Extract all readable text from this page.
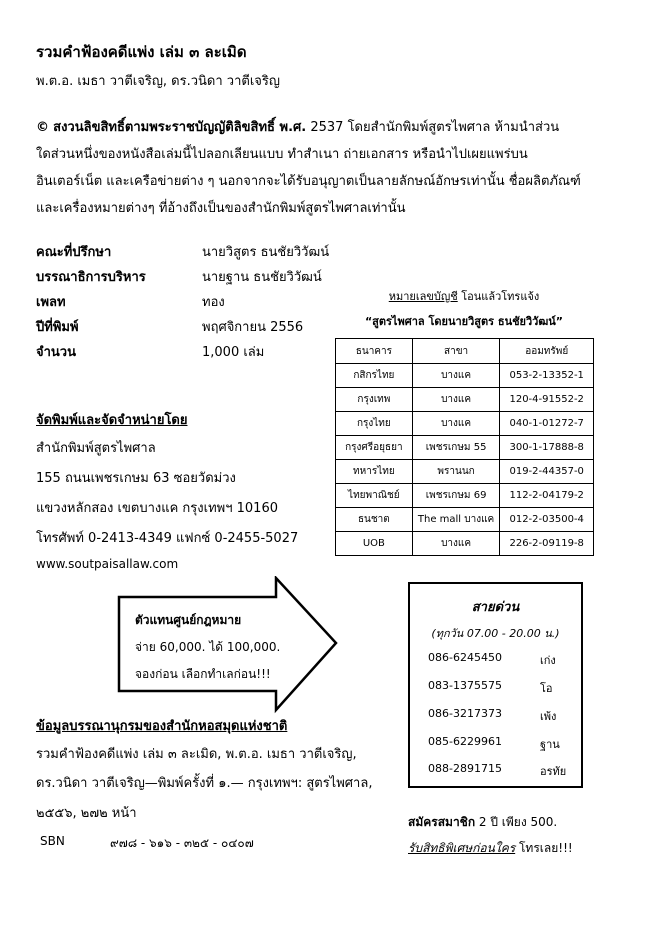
รวมคำฟ้องคดีแพ่ง เล่ม ๓ ละเมิด
พ.ต.อ. เมธา วาตีเจริญ, ดร.วนิดา วาตีเจริญ
© สงวนลิขสิทธิ์ตามพระราชบัญญัติลิขสิทธิ์ พ.ศ. 2537 โดยสำนักพิมพ์สูตรไพศาล ห้ามนำส่วน
ใดส่วนหนึ่งของหนังสือเล่มนี้ไปลอกเลียนแบบ ทำสำเนา ถ่ายเอกสาร หรือนำไปเผยแพร่บน
อินเตอร์เน็ต และเครือข่ายต่าง ๆ นอกจากจะได้รับอนุญาตเป็นลายลักษณ์อักษรเท่านั้น ชื่อผลิตภัณฑ์
และเครื่องหมายต่างๆ ที่อ้างถึงเป็นของสำนักพิมพ์สูตรไพศาลเท่านั้น
คณะที่ปรึกษา	นายวิสูตร ธนชัยวิวัฒน์
บรรณาธิการบริหาร	นายฐาน ธนชัยวิวัฒน์
เพลท	ทอง
ปีที่พิมพ์	พฤศจิกายน 2556
จำนวน	1,000 เล่ม
หมายเลขบัญชี โอนแล้วโทรแจ้ง
“สูตรไพศาล โดยนายวิสูตร ธนชัยวิวัฒน์”
ธนาคาร	สาขา	ออมทรัพย์
กสิกรไทย	บางแค	053-2-13352-1
กรุงเทพ	บางแค	120-4-91552-2
กรุงไทย	บางแค	040-1-01272-7
กรุงศรีอยุธยา	เพชรเกษม 55	300-1-17888-8
ทหารไทย	พรานนก	019-2-44357-0
ไทยพาณิชย์	เพชรเกษม 69	112-2-04179-2
ธนชาต	The mall บางแค	012-2-03500-4
UOB	บางแค	226-2-09119-8
จัดพิมพ์และจัดจำหน่ายโดย
สำนักพิมพ์สูตรไพศาล
155 ถนนเพชรเกษม 63 ซอยวัดม่วง
แขวงหลักสอง เขตบางแค กรุงเทพฯ 10160
โทรศัพท์ 0-2413-4349 แฟกซ์ 0-2455-5027
www.soutpaisallaw.com
ตัวแทนศูนย์กฎหมาย
จ่าย 60,000. ได้ 100,000.
จองก่อน เลือกทำเลก่อน!!!
สายด่วน
(ทุกวัน 07.00 - 20.00 น.)
086-6245450	เก่ง
083-1375575	โอ
086-3217373	เพ้ง
085-6229961	ฐาน
088-2891715	อรทัย
ข้อมูลบรรณานุกรมของสำนักหอสมุดแห่งชาติ
รวมคำฟ้องคดีแพ่ง เล่ม ๓ ละเมิด, พ.ต.อ. เมธา วาตีเจริญ,
ดร.วนิดา วาตีเจริญ—พิมพ์ครั้งที่ ๑.— กรุงเทพฯ: สูตรไพศาล,
๒๕๕๖, ๒๗๒ หน้า
SBN	๙๗๘ - ๖๑๖ - ๓๒๕ - ๐๔๐๗
สมัครสมาชิก 2 ปี เพียง 500.
รับสิทธิพิเศษก่อนใคร โทรเลย!!!
